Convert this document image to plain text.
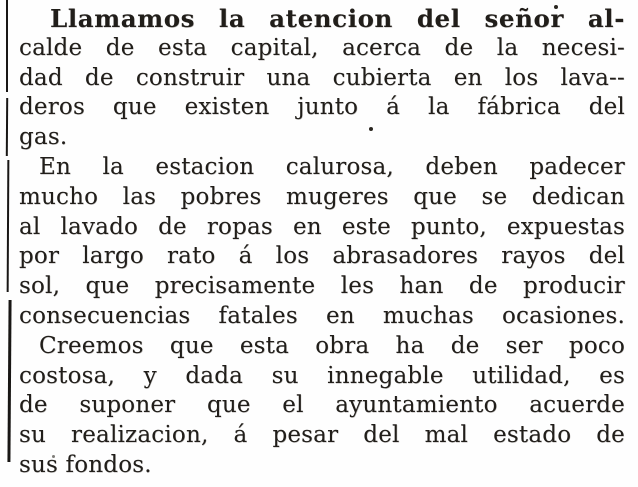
Llamamos la atencion del señor al-
calde de esta capital, acerca de la necesi-
dad de construir una cubierta en los lava--
deros que existen junto á la fábrica del
gas.
En la estacion calurosa, deben padecer
mucho las pobres mugeres que se dedican
al lavado de ropas en este punto, expuestas
por largo rato á los abrasadores rayos del
sol, que precisamente les han de producir
consecuencias fatales en muchas ocasiones.
Creemos que esta obra ha de ser poco
costosa, y dada su innegable utilidad, es
de suponer que el ayuntamiento acuerde
su realizacion, á pesar del mal estado de
sus fondos.
